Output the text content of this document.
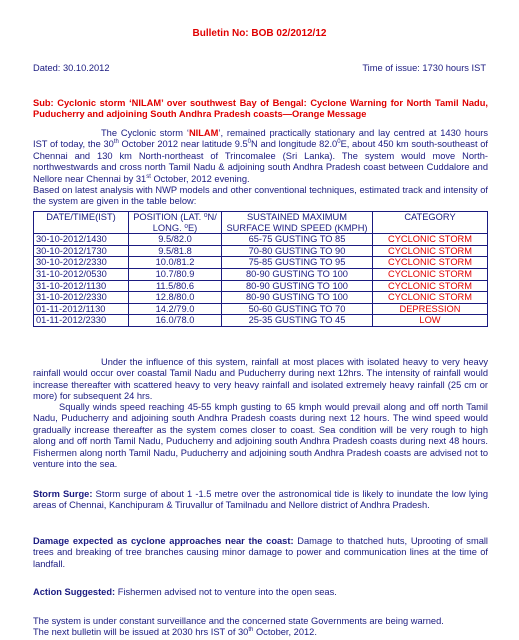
Bulletin No: BOB 02/2012/12
Dated: 30.10.2012	Time of issue: 1730 hours IST
Sub: Cyclonic storm ‘NILAM’ over southwest Bay of Bengal: Cyclone Warning for North Tamil Nadu, Puducherry and adjoining South Andhra Pradesh coasts—Orange Message
The Cyclonic storm ‘NILAM’, remained practically stationary and lay centred at 1430 hours IST of today, the 30th October 2012 near latitude $9.5^0N$ and longitude 82.0$^0$E, about 450 km south-southeast of Chennai and 130 km North-northeast of Trincomalee (Sri Lanka). The system would move North-northwestwards and cross north Tamil Nadu & adjoining south Andhra Pradesh coast between Cuddalore and Nellore near Chennai by 31st October, 2012 evening.
Based on latest analysis with NWP models and other conventional techniques, estimated track and intensity of the system are given in the table below:
DATE/TIME(IST)	POSITION (LAT. ⁰N/ LONG. ⁰E)	SUSTAINED MAXIMUM SURFACE WIND SPEED (KMPH)	CATEGORY
30-10-2012/1430	9.5/82.0	65-75 GUSTING TO 85	CYCLONIC STORM
30-10-2012/1730	9.5/81.8	70-80 GUSTING TO 90	CYCLONIC STORM
30-10-2012/2330	10.0/81.2	75-85 GUSTING TO 95	CYCLONIC STORM
31-10-2012/0530	10.7/80.9	80-90 GUSTING TO 100	CYCLONIC STORM
31-10-2012/1130	11.5/80.6	80-90 GUSTING TO 100	CYCLONIC STORM
31-10-2012/2330	12.8/80.0	80-90 GUSTING TO 100	CYCLONIC STORM
01-11-2012/1130	14.2/79.0	50-60 GUSTING TO 70	DEPRESSION
01-11-2012/2330	16.0/78.0	25-35 GUSTING TO 45	LOW
Under the influence of this system, rainfall at most places with isolated heavy to very heavy rainfall would occur over coastal Tamil Nadu and Puducherry during next 12hrs. The intensity of rainfall would increase thereafter with scattered heavy to very heavy rainfall and isolated extremely heavy rainfall (25 cm or more) for subsequent 24 hrs.
Squally winds speed reaching 45-55 kmph gusting to 65 kmph would prevail along and off north Tamil Nadu, Puducherry and adjoining south Andhra Pradesh coasts during next 12 hours. The wind speed would gradually increase thereafter as the system comes closer to coast. Sea condition will be very rough to high along and off north Tamil Nadu, Puducherry and adjoining south Andhra Pradesh coasts during next 48 hours. Fishermen along north Tamil Nadu, Puducherry and adjoining south Andhra Pradesh coasts are advised not to venture into the sea.
Storm Surge: Storm surge of about 1 -1.5 metre over the astronomical tide is likely to inundate the low lying areas of Chennai, Kanchipuram & Tiruvallur of Tamilnadu and Nellore district of Andhra Pradesh.
Damage expected as cyclone approaches near the coast: Damage to thatched huts, Uprooting of small trees and breaking of tree branches causing minor damage to power and communication lines at the time of landfall.
Action Suggested: Fishermen advised not to venture into the open seas.
The system is under constant surveillance and the concerned state Governments are being warned.
The next bulletin will be issued at 2030 hrs IST of 30th October, 2012.
